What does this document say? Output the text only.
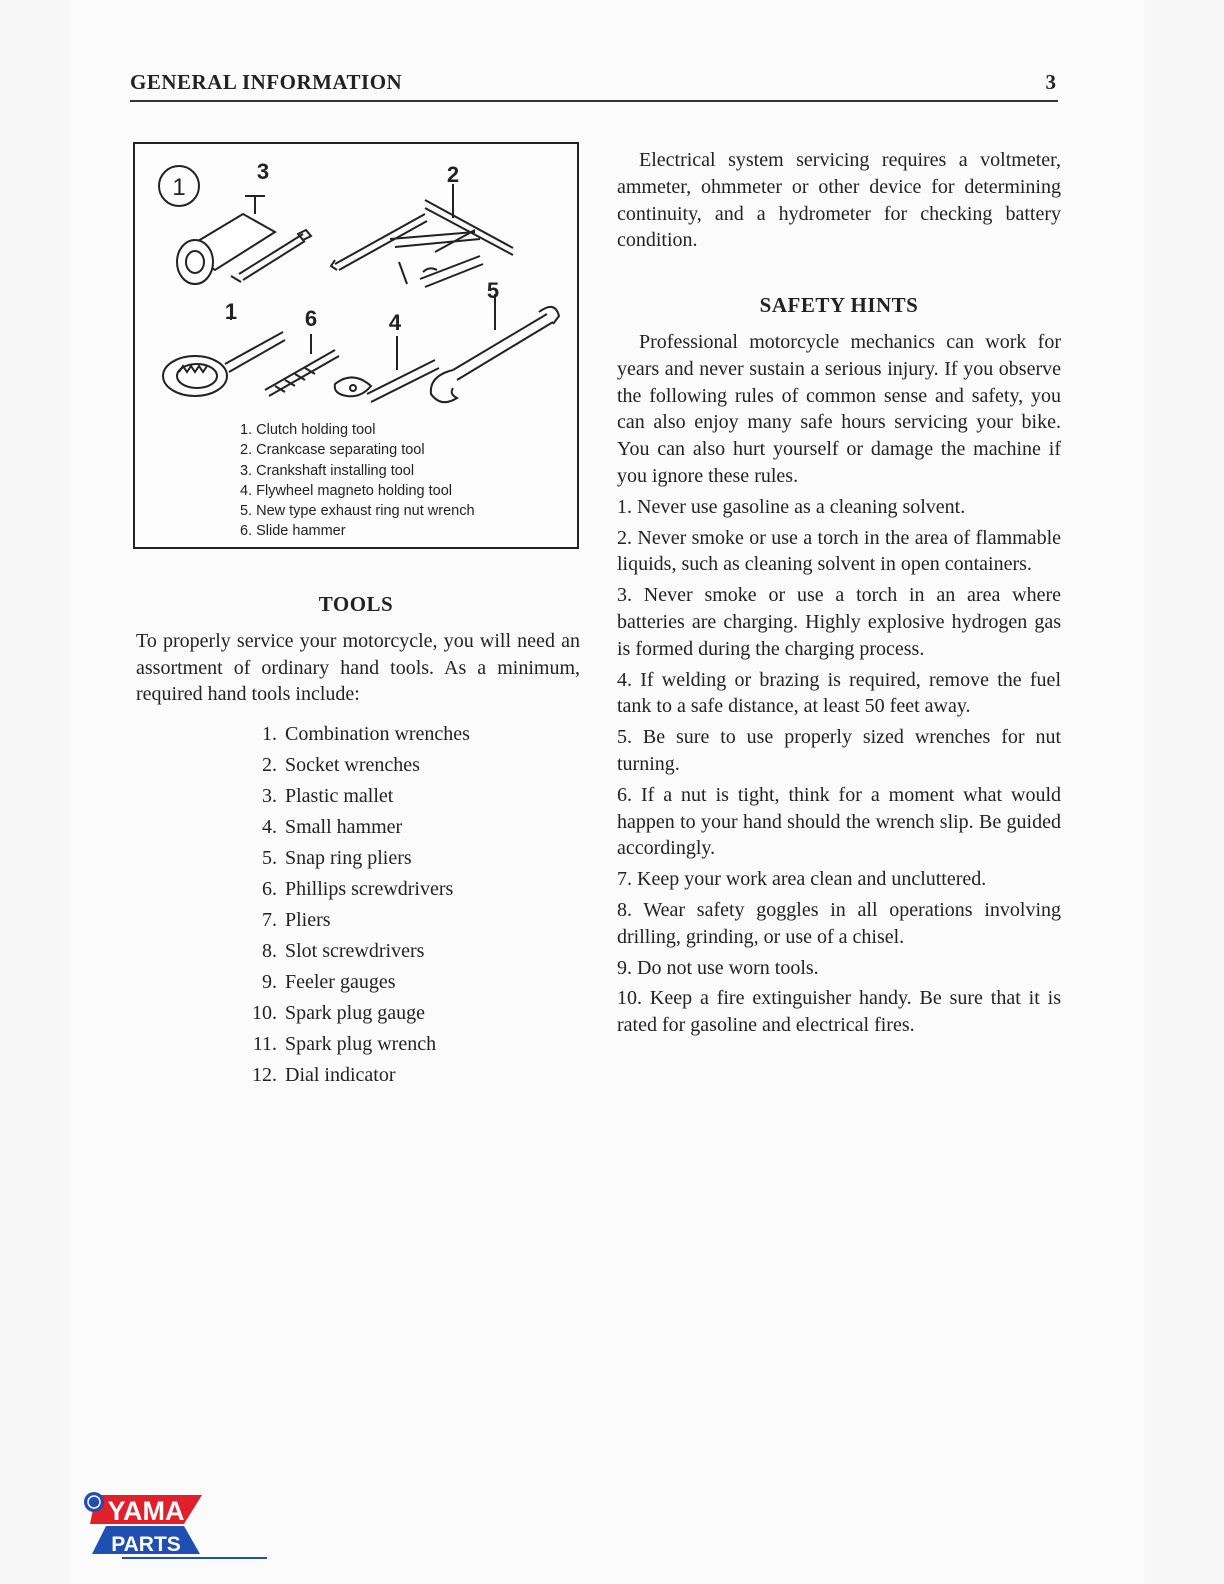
GENERAL INFORMATION	3
1
3	2
5
1	6	4
1. Clutch holding tool
2. Crankcase separating tool
3. Crankshaft installing tool
4. Flywheel magneto holding tool
5. New type exhaust ring nut wrench
6. Slide hammer
TOOLS

To properly service your motorcycle, you will need an assortment of ordinary hand tools. As a minimum, required hand tools include:

1. Combination wrenches
2. Socket wrenches
3. Plastic mallet
4. Small hammer
5. Snap ring pliers
6. Phillips screwdrivers
7. Pliers
8. Slot screwdrivers
9. Feeler gauges
10. Spark plug gauge
11. Spark plug wrench
12. Dial indicator

Electrical system servicing requires a voltmeter, ammeter, ohmmeter or other device for determining continuity, and a hydrometer for checking battery condition.

SAFETY HINTS

Professional motorcycle mechanics can work for years and never sustain a serious injury. If you observe the following rules of common sense and safety, you can also enjoy many safe hours servicing your bike. You can also hurt yourself or damage the machine if you ignore these rules.

1. Never use gasoline as a cleaning solvent.
2. Never smoke or use a torch in the area of flammable liquids, such as cleaning solvent in open containers.
3. Never smoke or use a torch in an area where batteries are charging. Highly explosive hydrogen gas is formed during the charging process.
4. If welding or brazing is required, remove the fuel tank to a safe distance, at least 50 feet away.
5. Be sure to use properly sized wrenches for nut turning.
6. If a nut is tight, think for a moment what would happen to your hand should the wrench slip. Be guided accordingly.
7. Keep your work area clean and uncluttered.
8. Wear safety goggles in all operations involving drilling, grinding, or use of a chisel.
9. Do not use worn tools.
10. Keep a fire extinguisher handy. Be sure that it is rated for gasoline and electrical fires.
YAMA
PARTS
